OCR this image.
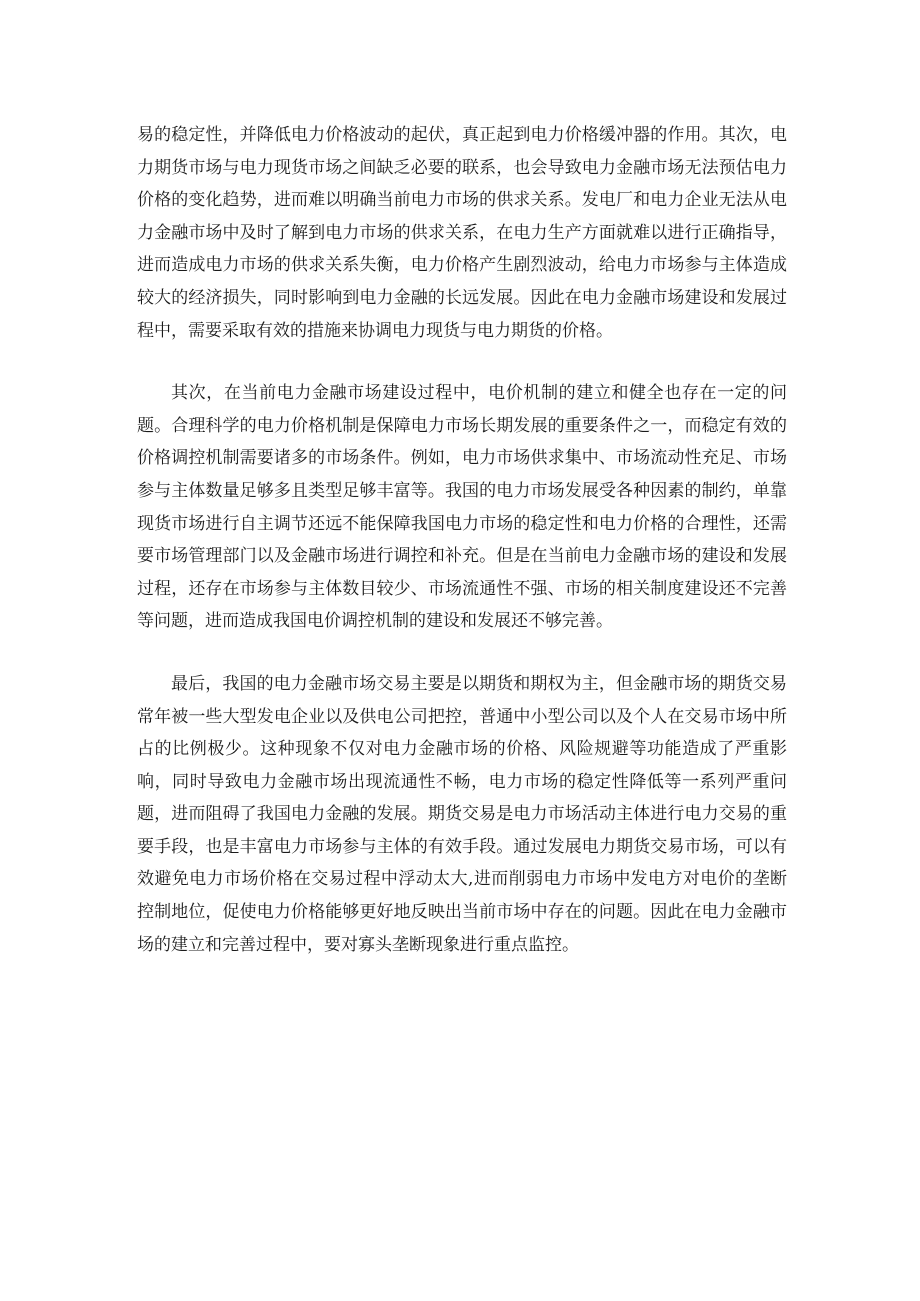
易的稳定性，并降低电力价格波动的起伏，真正起到电力价格缓冲器的作用。其次，电力期货市场与电力现货市场之间缺乏必要的联系，也会导致电力金融市场无法预估电力价格的变化趋势，进而难以明确当前电力市场的供求关系。发电厂和电力企业无法从电力金融市场中及时了解到电力市场的供求关系，在电力生产方面就难以进行正确指导，进而造成电力市场的供求关系失衡，电力价格产生剧烈波动，给电力市场参与主体造成较大的经济损失，同时影响到电力金融的长远发展。因此在电力金融市场建设和发展过程中，需要采取有效的措施来协调电力现货与电力期货的价格。

其次，在当前电力金融市场建设过程中，电价机制的建立和健全也存在一定的问题。合理科学的电力价格机制是保障电力市场长期发展的重要条件之一，而稳定有效的价格调控机制需要诸多的市场条件。例如，电力市场供求集中、市场流动性充足、市场参与主体数量足够多且类型足够丰富等。我国的电力市场发展受各种因素的制约，单靠现货市场进行自主调节还远不能保障我国电力市场的稳定性和电力价格的合理性，还需要市场管理部门以及金融市场进行调控和补充。但是在当前电力金融市场的建设和发展过程，还存在市场参与主体数目较少、市场流通性不强、市场的相关制度建设还不完善等问题，进而造成我国电价调控机制的建设和发展还不够完善。

最后，我国的电力金融市场交易主要是以期货和期权为主，但金融市场的期货交易常年被一些大型发电企业以及供电公司把控，普通中小型公司以及个人在交易市场中所占的比例极少。这种现象不仅对电力金融市场的价格、风险规避等功能造成了严重影响，同时导致电力金融市场出现流通性不畅，电力市场的稳定性降低等一系列严重问题，进而阻碍了我国电力金融的发展。期货交易是电力市场活动主体进行电力交易的重要手段，也是丰富电力市场参与主体的有效手段。通过发展电力期货交易市场，可以有效避免电力市场价格在交易过程中浮动太大,进而削弱电力市场中发电方对电价的垄断控制地位，促使电力价格能够更好地反映出当前市场中存在的问题。因此在电力金融市场的建立和完善过程中，要对寡头垄断现象进行重点监控。
